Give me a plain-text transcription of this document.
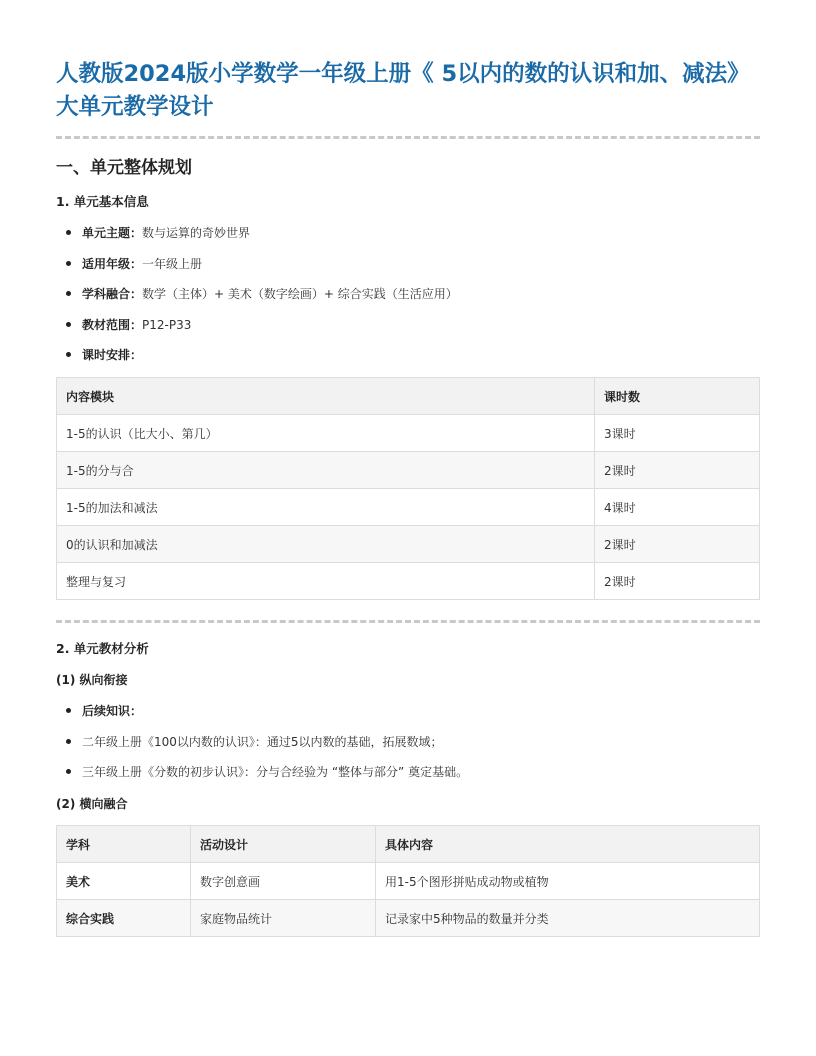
人教版2024版小学数学一年级上册《 5以内的数的认识和加、减法》大单元教学设计
一、单元整体规划
1. 单元基本信息
单元主题：数与运算的奇妙世界
适用年级：一年级上册
学科融合：数学（主体）+ 美术（数字绘画）+ 综合实践（生活应用）
教材范围：P12-P33
课时安排：
内容模块	课时数
1-5的认识（比大小、第几）	3课时
1-5的分与合	2课时
1-5的加法和减法	4课时
0的认识和加减法	2课时
整理与复习	2课时
2. 单元教材分析
(1) 纵向衔接
后续知识：
二年级上册《100以内数的认识》：通过5以内数的基础，拓展数域；
三年级上册《分数的初步认识》：分与合经验为 “整体与部分” 奠定基础。
(2) 横向融合
学科	活动设计	具体内容
美术	数字创意画	用1-5个图形拼贴成动物或植物
综合实践	家庭物品统计	记录家中5种物品的数量并分类
